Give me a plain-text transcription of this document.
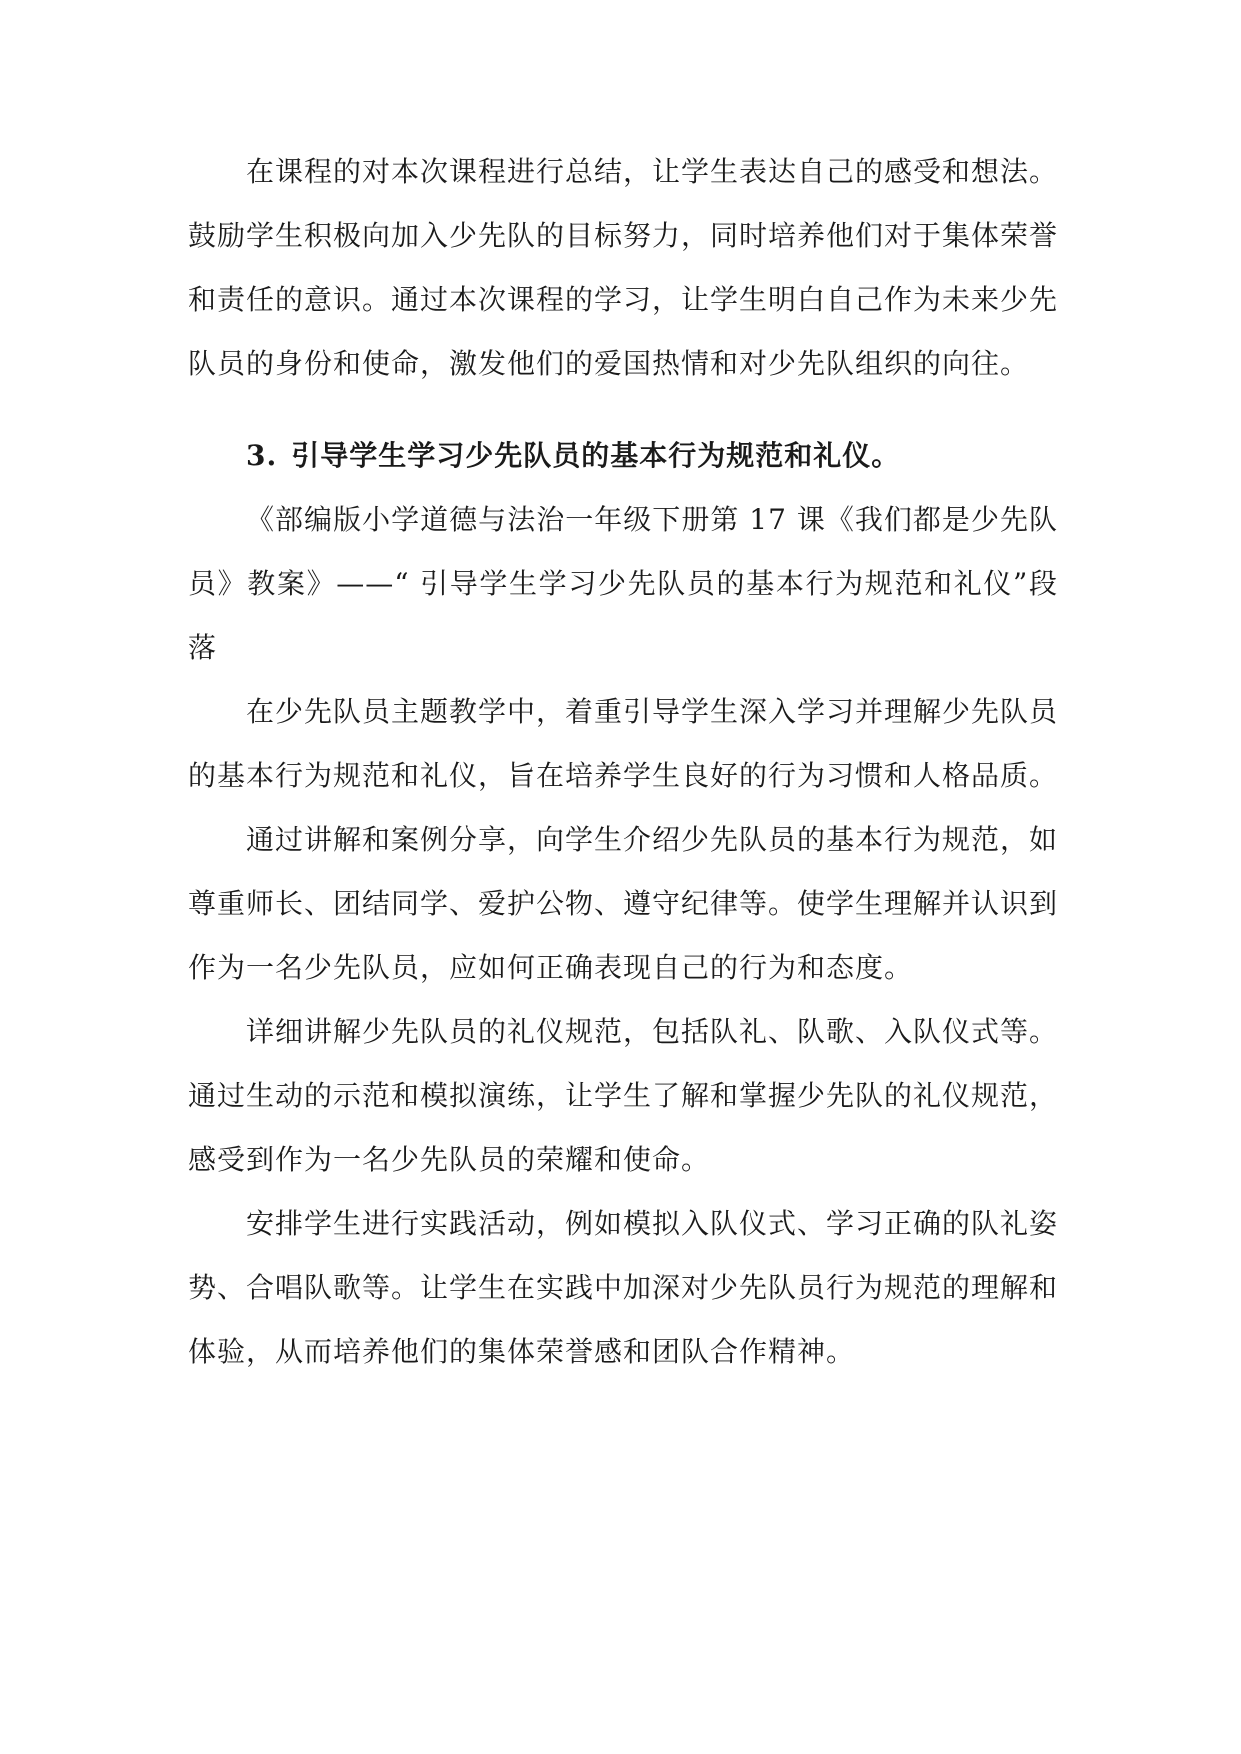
在课程的对本次课程进行总结，让学生表达自己的感受和想法。鼓励学生积极向加入少先队的目标努力，同时培养他们对于集体荣誉和责任的意识。通过本次课程的学习，让学生明白自己作为未来少先队员的身份和使命，激发他们的爱国热情和对少先队组织的向往。

3. 引导学生学习少先队员的基本行为规范和礼仪。

《部编版小学道德与法治一年级下册第 17 课《我们都是少先队员》教案》——“ 引导学生学习少先队员的基本行为规范和礼仪”段落

在少先队员主题教学中，着重引导学生深入学习并理解少先队员的基本行为规范和礼仪，旨在培养学生良好的行为习惯和人格品质。

通过讲解和案例分享，向学生介绍少先队员的基本行为规范，如尊重师长、团结同学、爱护公物、遵守纪律等。使学生理解并认识到作为一名少先队员，应如何正确表现自己的行为和态度。

详细讲解少先队员的礼仪规范，包括队礼、队歌、入队仪式等。通过生动的示范和模拟演练，让学生了解和掌握少先队的礼仪规范，感受到作为一名少先队员的荣耀和使命。

安排学生进行实践活动，例如模拟入队仪式、学习正确的队礼姿势、合唱队歌等。让学生在实践中加深对少先队员行为规范的理解和体验，从而培养他们的集体荣誉感和团队合作精神。
